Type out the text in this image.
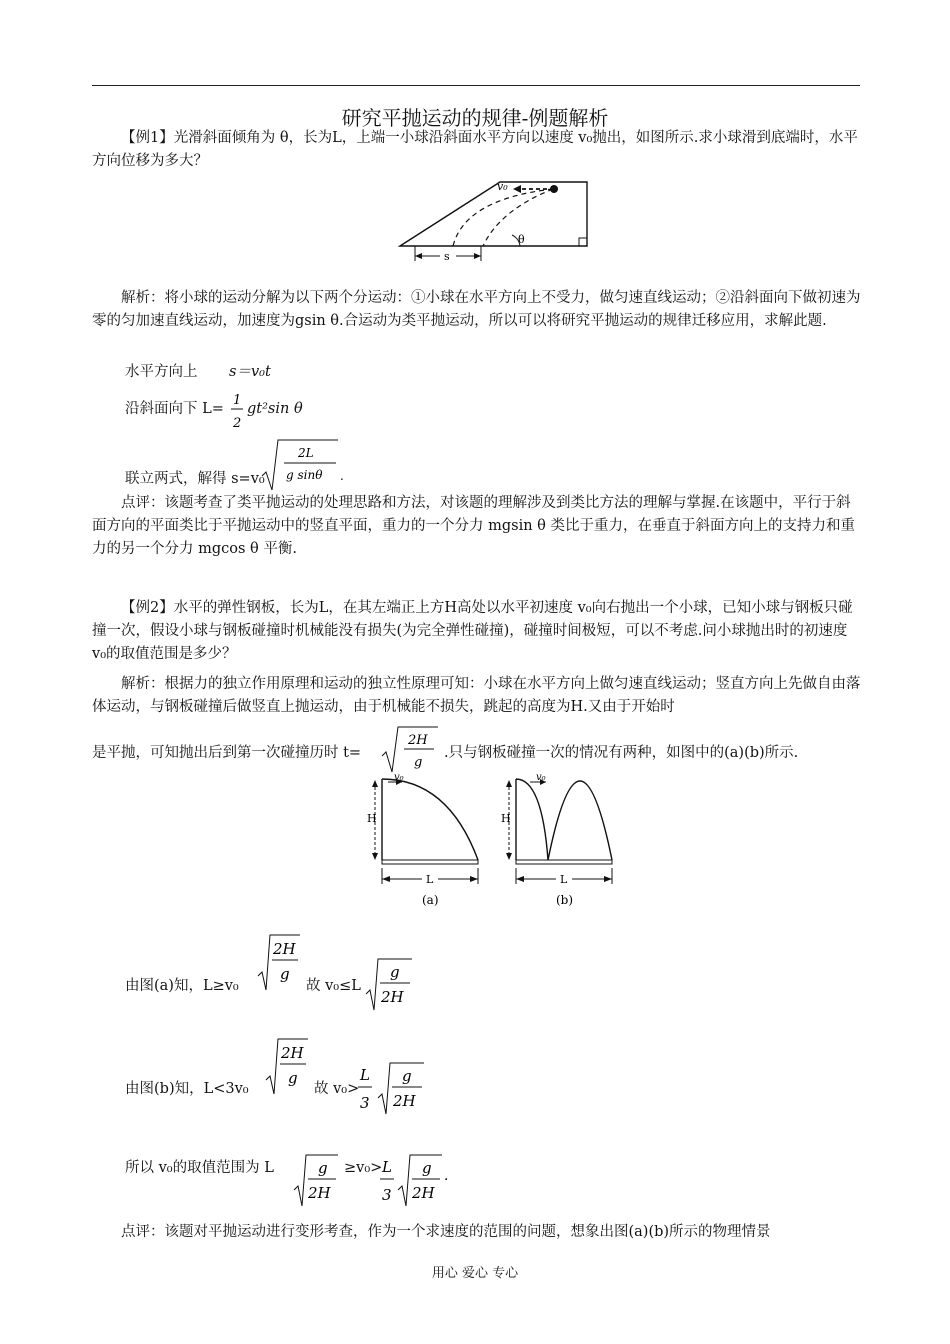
研究平抛运动的规律-例题解析
【例1】光滑斜面倾角为 θ，长为L，上端一小球沿斜面水平方向以速度 v₀抛出，如图所示.求小球滑到底端时，水平方向位移为多大？
v₀
θ
s
解析：将小球的运动分解为以下两个分运动：①小球在水平方向上不受力，做匀速直线运动；②沿斜面向下做初速为零的匀加速直线运动，加速度为gsin θ.合运动为类平抛运动，所以可以将研究平抛运动的规律迁移应用，求解此题.
水平方向上 s＝v₀t
沿斜面向下 L=
1
2
gt²sin θ
联立两式，解得 s=v₀
2L
g sinθ .
点评：该题考查了类平抛运动的处理思路和方法，对该题的理解涉及到类比方法的理解与掌握.在该题中，平行于斜面方向的平面类比于平抛运动中的竖直平面，重力的一个分力 mgsin θ 类比于重力，在垂直于斜面方向上的支持力和重力的另一个分力 mgcos θ 平衡.
【例2】水平的弹性钢板，长为L，在其左端正上方H高处以水平初速度 v₀向右抛出一个小球，已知小球与钢板只碰撞一次，假设小球与钢板碰撞时机械能没有损失(为完全弹性碰撞)，碰撞时间极短，可以不考虑.问小球抛出时的初速度 v₀的取值范围是多少？
解析：根据力的独立作用原理和运动的独立性原理可知：小球在水平方向上做匀速直线运动；竖直方向上先做自由落体运动，与钢板碰撞后做竖直上抛运动，由于机械能不损失，跳起的高度为H.又由于开始时
是平抛，可知抛出后到第一次碰撞历时 t=
2H
g
.只与钢板碰撞一次的情况有两种，如图中的(a)(b)所示.
v₀
H
L
(a)
v₀
H
L
(b)
由图(a)知，L≥v₀
2H
g
故 v₀≤L
g
2H
由图(b)知，L<3v₀
2H
g
故 v₀>
L
3
g
2H
所以 v₀的取值范围为 L	g
2H
≥v₀> L
3
g
2H
.
点评：该题对平抛运动进行变形考查，作为一个求速度的范围的问题，想象出图(a)(b)所示的物理情景
用心 爱心 专心
